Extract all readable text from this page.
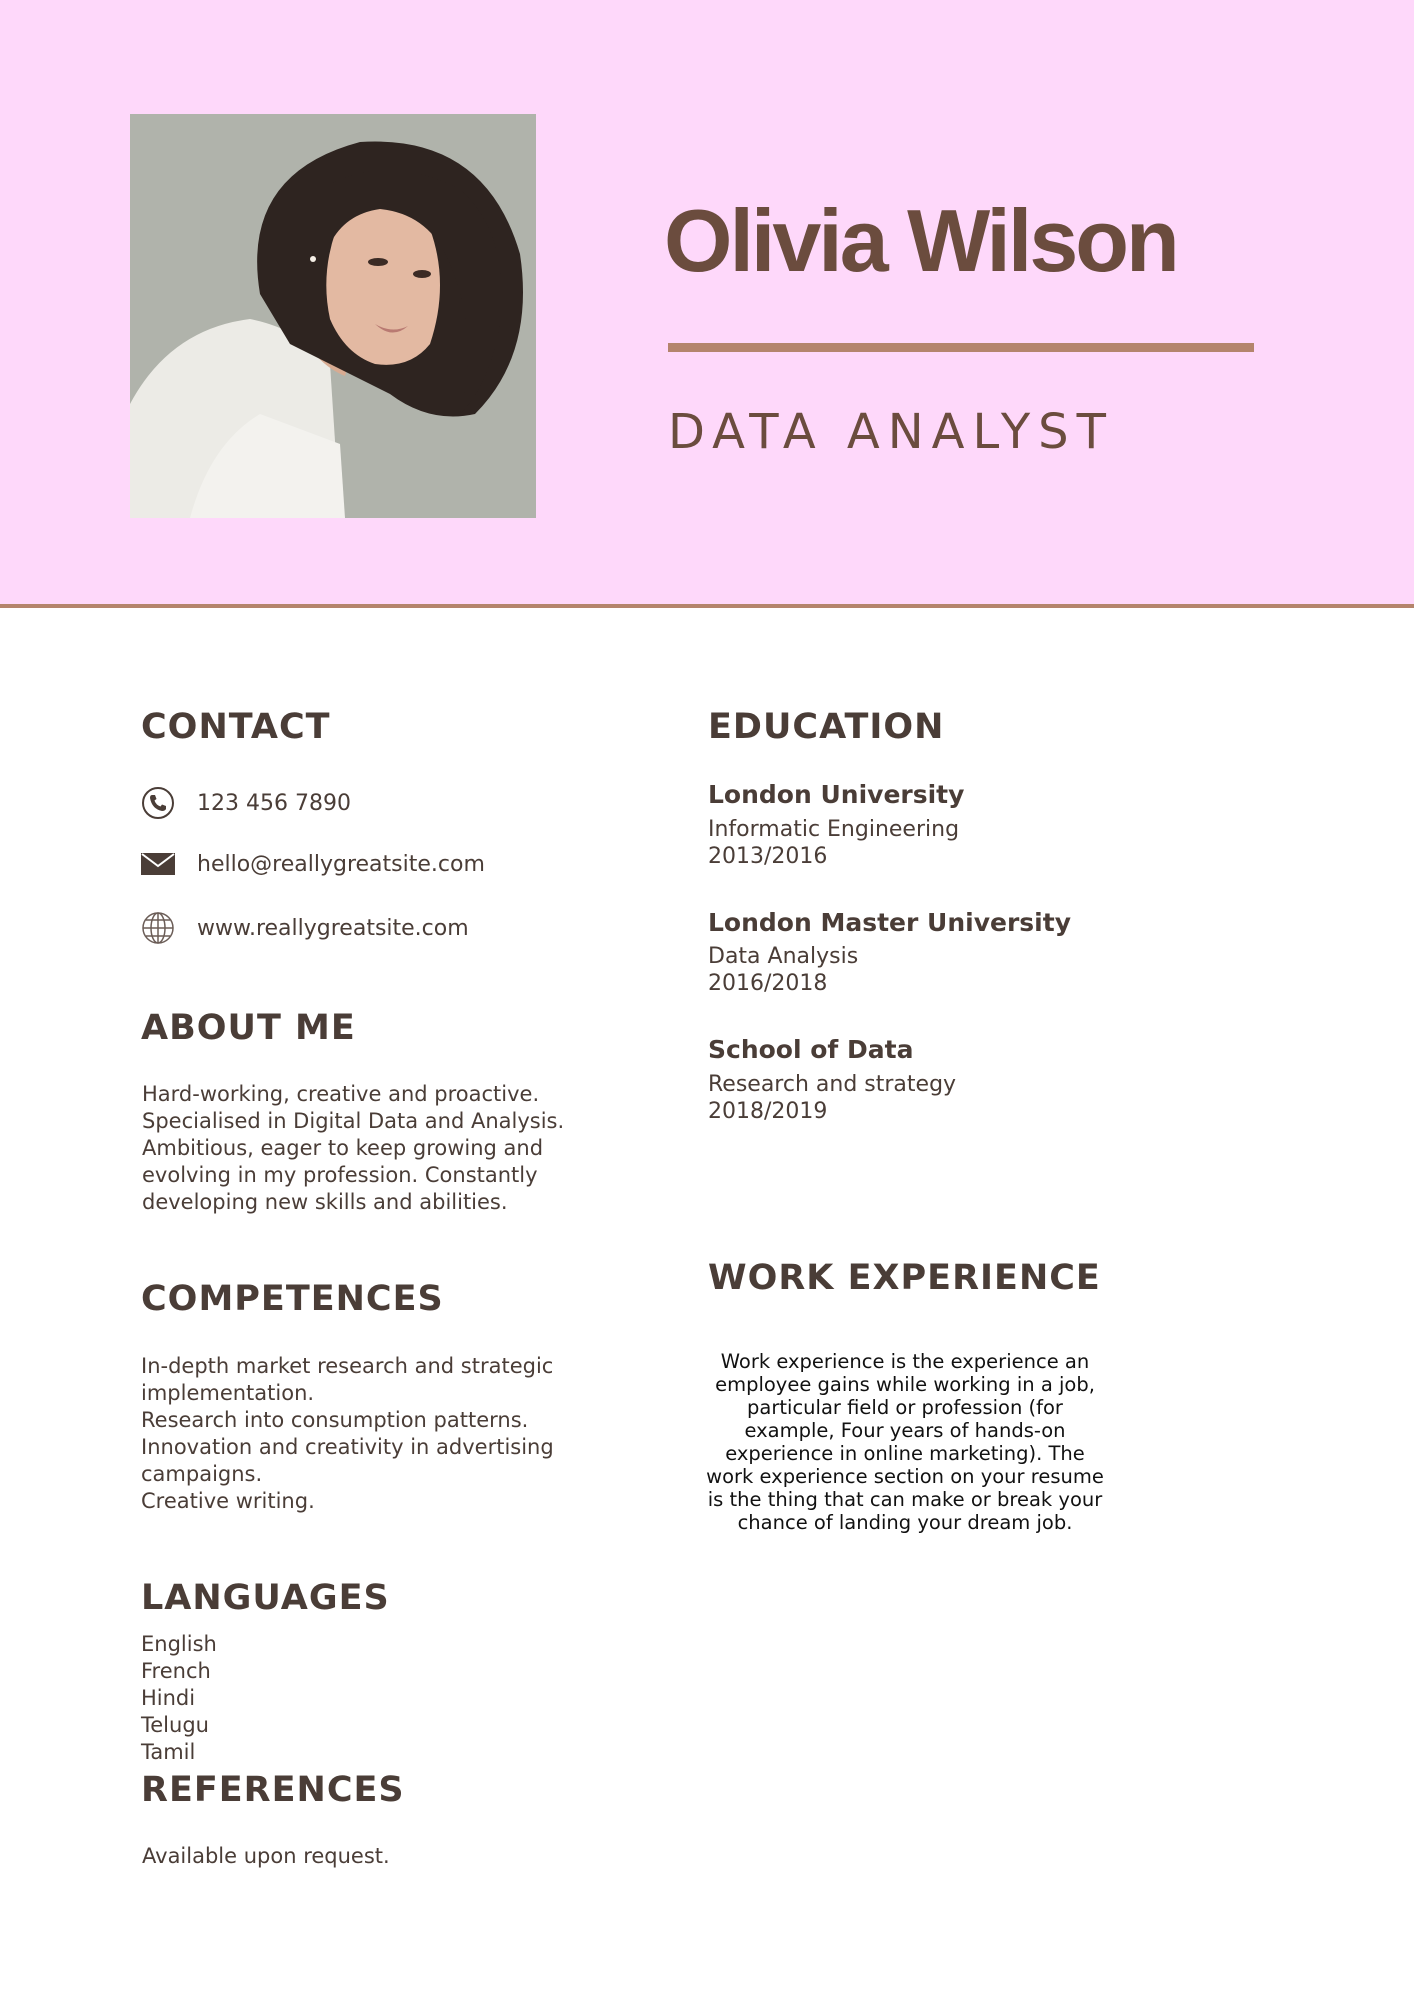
Olivia Wilson
DATA ANALYST
CONTACT
123 456 7890
hello@reallygreatsite.com
www.reallygreatsite.com
ABOUT ME

Hard-working, creative and proactive.
Specialised in Digital Data and Analysis.
Ambitious, eager to keep growing and
evolving in my profession. Constantly
developing new skills and abilities.

COMPETENCES

In-depth market research and strategic
implementation.
Research into consumption patterns.
Innovation and creativity in advertising
campaigns.
Creative writing.

LANGUAGES

English
French
Hindi
Telugu
Tamil

REFERENCES

Available upon request.

EDUCATION
London University

Informatic Engineering
2013/2016

London Master University

Data Analysis
2016/2018

School of Data

Research and strategy
2018/2019

WORK EXPERIENCE

Work experience is the experience an
employee gains while working in a job,
particular field or profession (for
example, Four years of hands-on
experience in online marketing). The
work experience section on your resume
is the thing that can make or break your
chance of landing your dream job.
